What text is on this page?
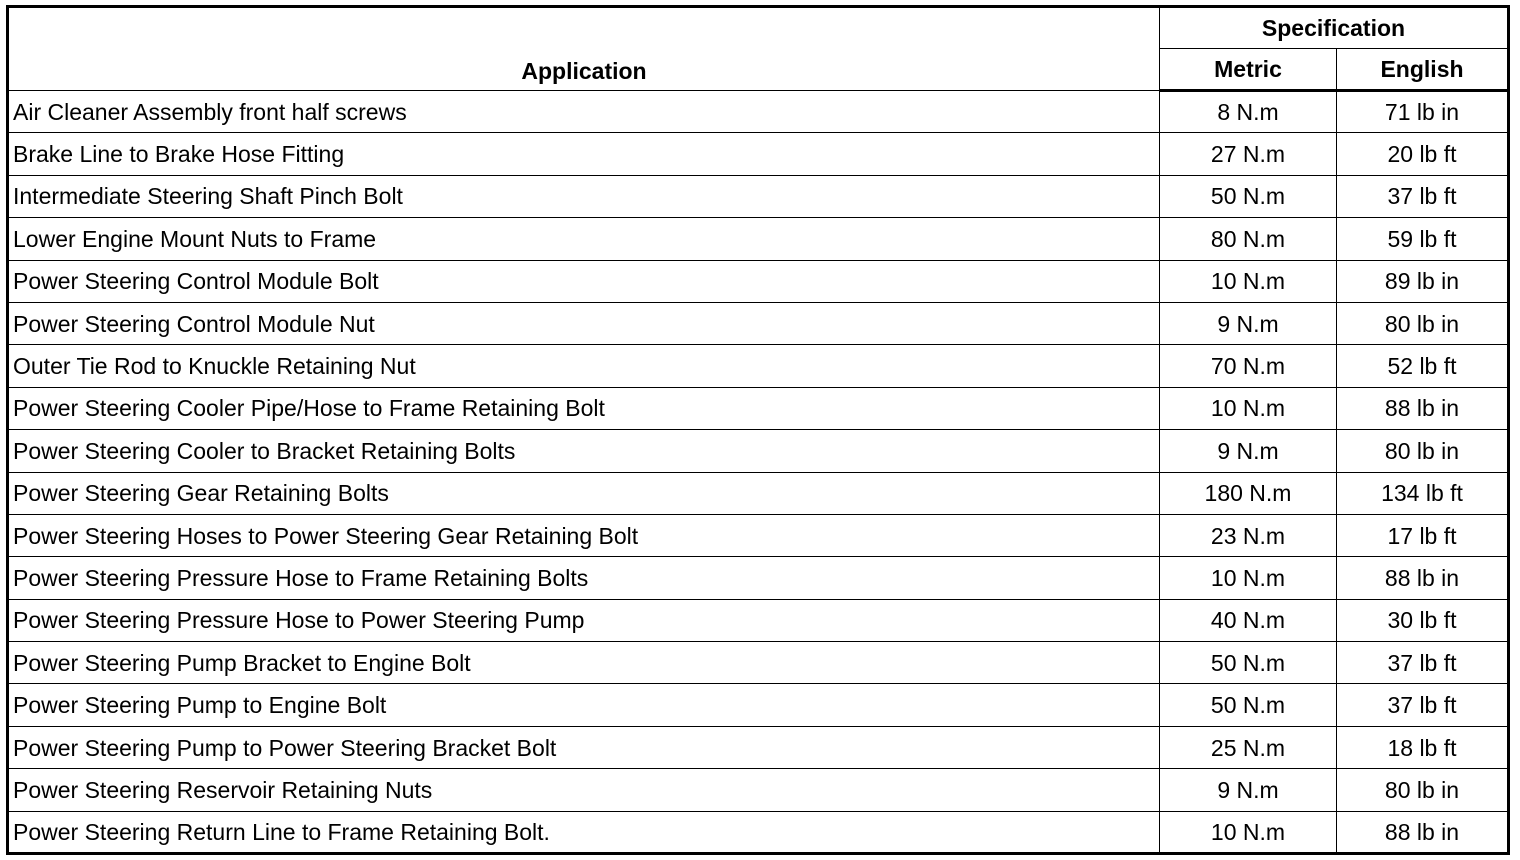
Application	Specification	
	Metric	English
Air Cleaner Assembly front half screws	8 N.m	71 lb in
Brake Line to Brake Hose Fitting	27 N.m	20 lb ft
Intermediate Steering Shaft Pinch Bolt	50 N.m	37 lb ft
Lower Engine Mount Nuts to Frame	80 N.m	59 lb ft
Power Steering Control Module Bolt	10 N.m	89 lb in
Power Steering Control Module Nut	9 N.m	80 lb in
Outer Tie Rod to Knuckle Retaining Nut	70 N.m	52 lb ft
Power Steering Cooler Pipe/Hose to Frame Retaining Bolt	10 N.m	88 lb in
Power Steering Cooler to Bracket Retaining Bolts	9 N.m	80 lb in
Power Steering Gear Retaining Bolts	180 N.m	134 lb ft
Power Steering Hoses to Power Steering Gear Retaining Bolt	23 N.m	17 lb ft
Power Steering Pressure Hose to Frame Retaining Bolts	10 N.m	88 lb in
Power Steering Pressure Hose to Power Steering Pump	40 N.m	30 lb ft
Power Steering Pump Bracket to Engine Bolt	50 N.m	37 lb ft
Power Steering Pump to Engine Bolt	50 N.m	37 lb ft
Power Steering Pump to Power Steering Bracket Bolt	25 N.m	18 lb ft
Power Steering Reservoir Retaining Nuts	9 N.m	80 lb in
Power Steering Return Line to Frame Retaining Bolt.	10 N.m	88 lb in
